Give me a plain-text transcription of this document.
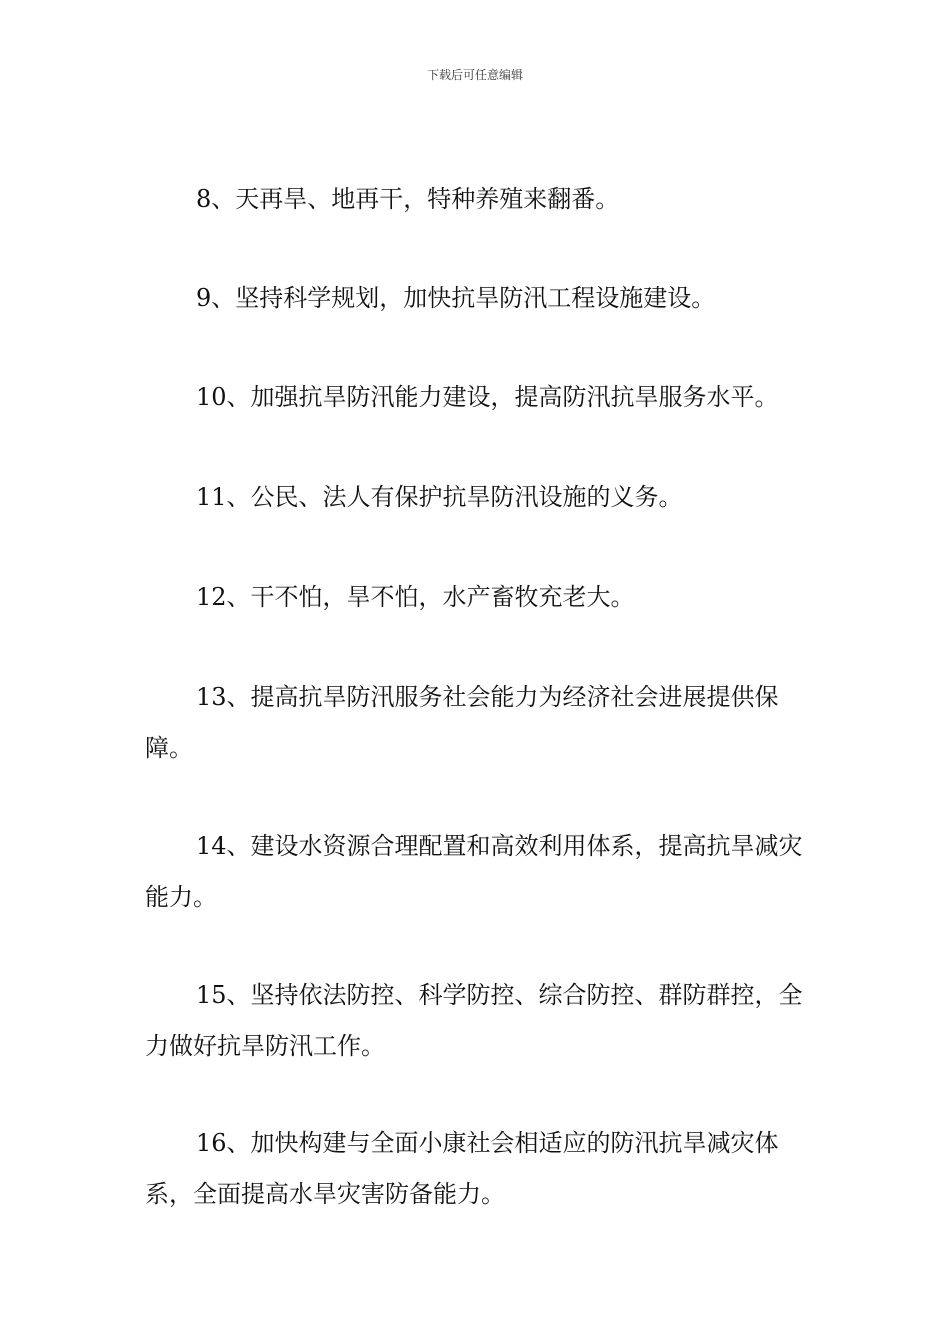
下载后可任意编辑

8、天再旱、地再干，特种养殖来翻番。

9、坚持科学规划，加快抗旱防汛工程设施建设。

10、加强抗旱防汛能力建设，提高防汛抗旱服务水平。

11、公民、法人有保护抗旱防汛设施的义务。

12、干不怕，旱不怕，水产畜牧充老大。

13、提高抗旱防汛服务社会能力为经济社会进展提供保障。

14、建设水资源合理配置和高效利用体系，提高抗旱减灾能力。

15、坚持依法防控、科学防控、综合防控、群防群控，全力做好抗旱防汛工作。

16、加快构建与全面小康社会相适应的防汛抗旱减灾体系，全面提高水旱灾害防备能力。
